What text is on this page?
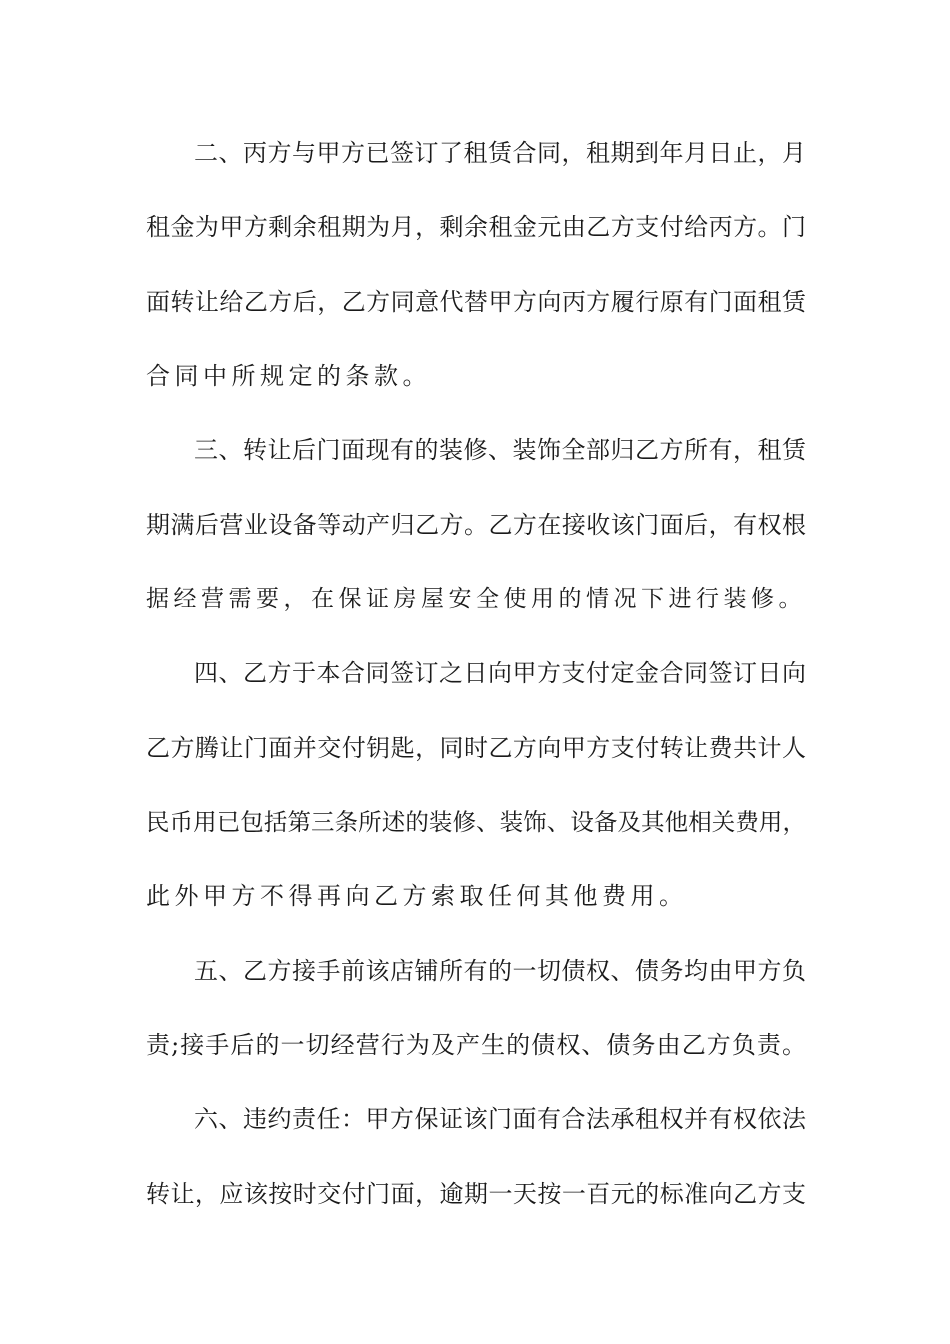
二、丙方与甲方已签订了租赁合同，租期到年月日止，月
租金为甲方剩余租期为月，剩余租金元由乙方支付给丙方。门
面转让给乙方后，乙方同意代替甲方向丙方履行原有门面租赁
合同中所规定的条款。
三、转让后门面现有的装修、装饰全部归乙方所有，租赁
期满后营业设备等动产归乙方。乙方在接收该门面后，有权根
据经营需要，在保证房屋安全使用的情况下进行装修。
四、乙方于本合同签订之日向甲方支付定金合同签订日向
乙方腾让门面并交付钥匙，同时乙方向甲方支付转让费共计人
民币用已包括第三条所述的装修、装饰、设备及其他相关费用，
此外甲方不得再向乙方索取任何其他费用。
五、乙方接手前该店铺所有的一切债权、债务均由甲方负
责;接手后的一切经营行为及产生的债权、债务由乙方负责。
六、违约责任：甲方保证该门面有合法承租权并有权依法
转让，应该按时交付门面，逾期一天按一百元的标准向乙方支
